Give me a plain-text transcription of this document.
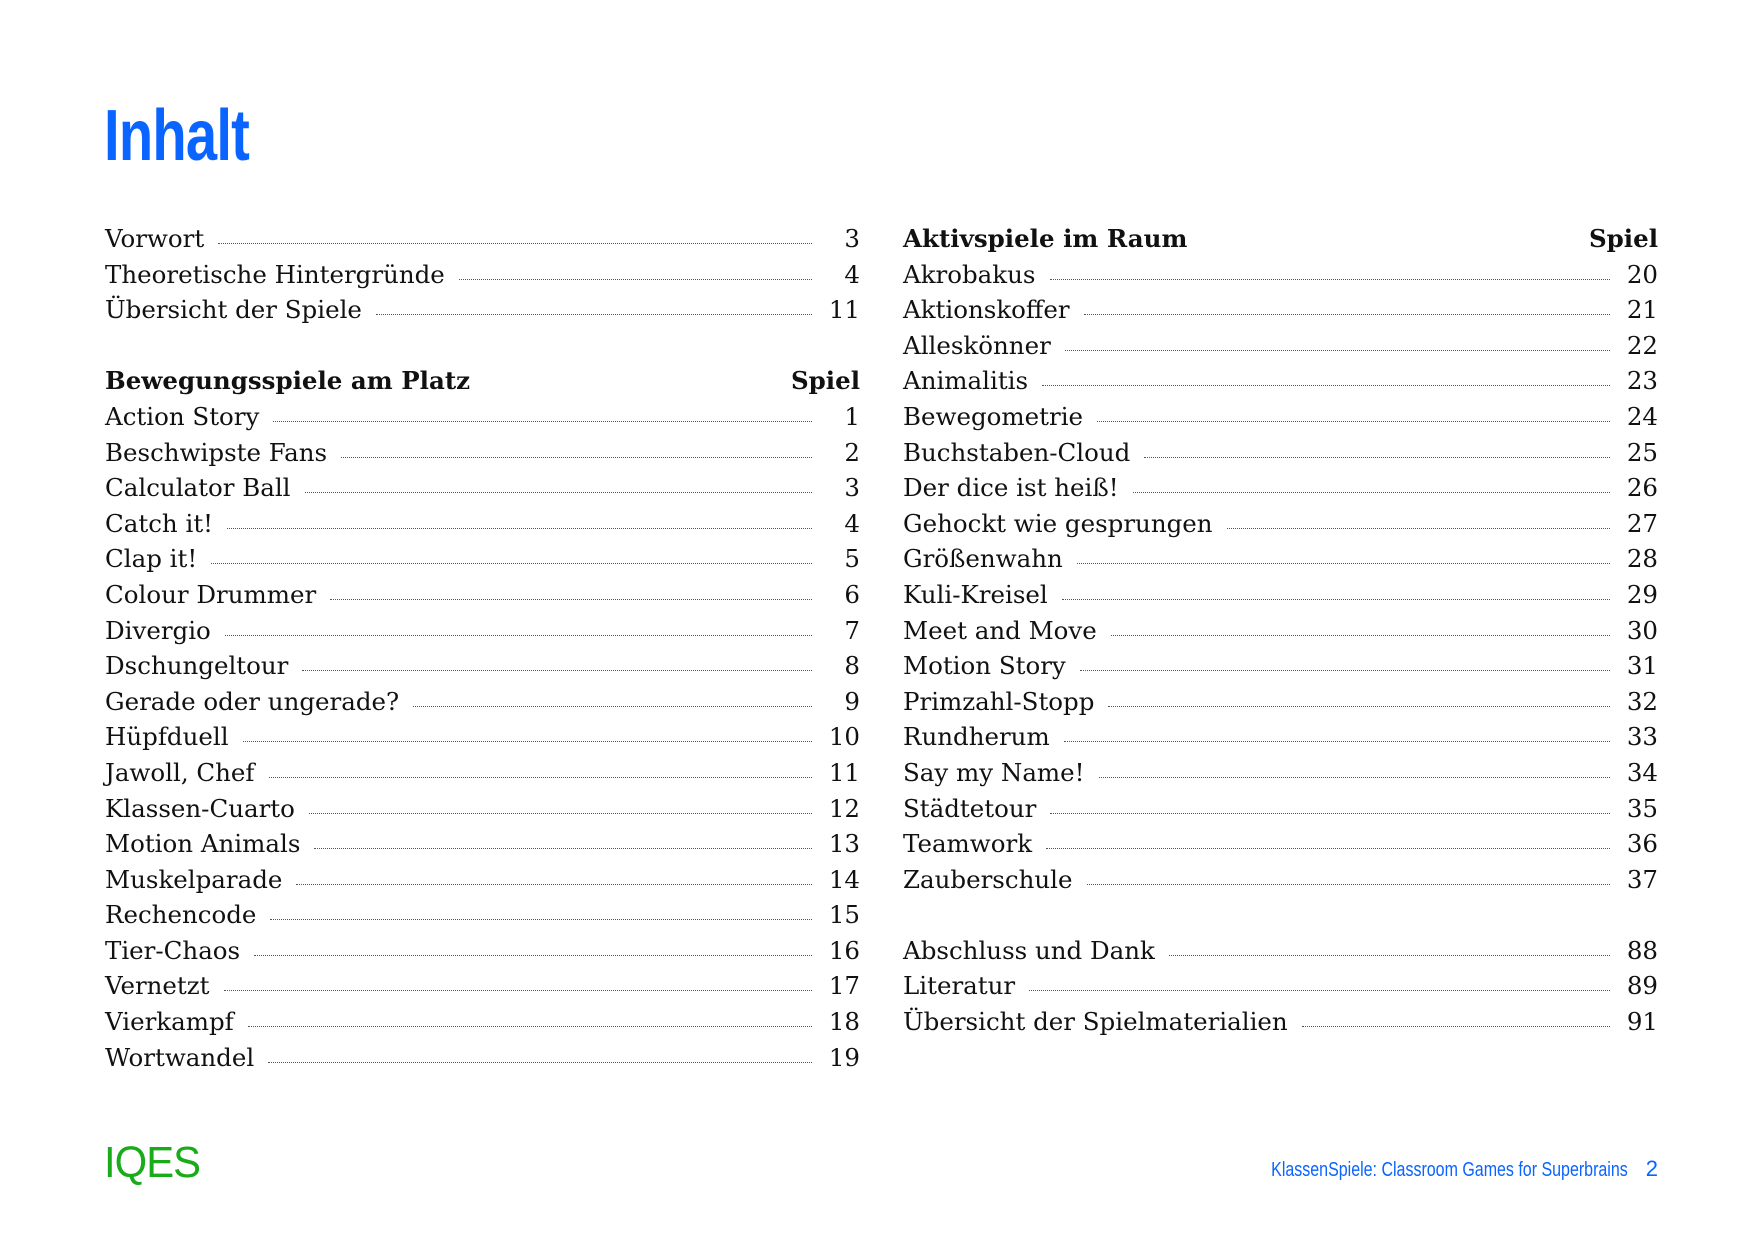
Inhalt
Vorwort	3
Theoretische Hintergründe	4
Übersicht der Spiele	11
Bewegungsspiele am Platz	Spiel
Action Story	1
Beschwipste Fans	2
Calculator Ball	3
Catch it!	4
Clap it!	5
Colour Drummer	6
Divergio	7
Dschungeltour	8
Gerade oder ungerade?	9
Hüpfduell	10
Jawoll, Chef	11
Klassen-Cuarto	12
Motion Animals	13
Muskelparade	14
Rechencode	15
Tier-Chaos	16
Vernetzt	17
Vierkampf	18
Wortwandel	19
Aktivspiele im Raum	Spiel
Akrobakus	20
Aktionskoffer	21
Alleskönner	22
Animalitis	23
Bewegometrie	24
Buchstaben-Cloud	25
Der dice ist heiß!	26
Gehockt wie gesprungen	27
Größenwahn	28
Kuli-Kreisel	29
Meet and Move	30
Motion Story	31
Primzahl-Stopp	32
Rundherum	33
Say my Name!	34
Städtetour	35
Teamwork	36
Zauberschule	37
Abschluss und Dank	88
Literatur	89
Übersicht der Spielmaterialien	91
IQES	KlassenSpiele: Classroom Games for Superbrains 2
